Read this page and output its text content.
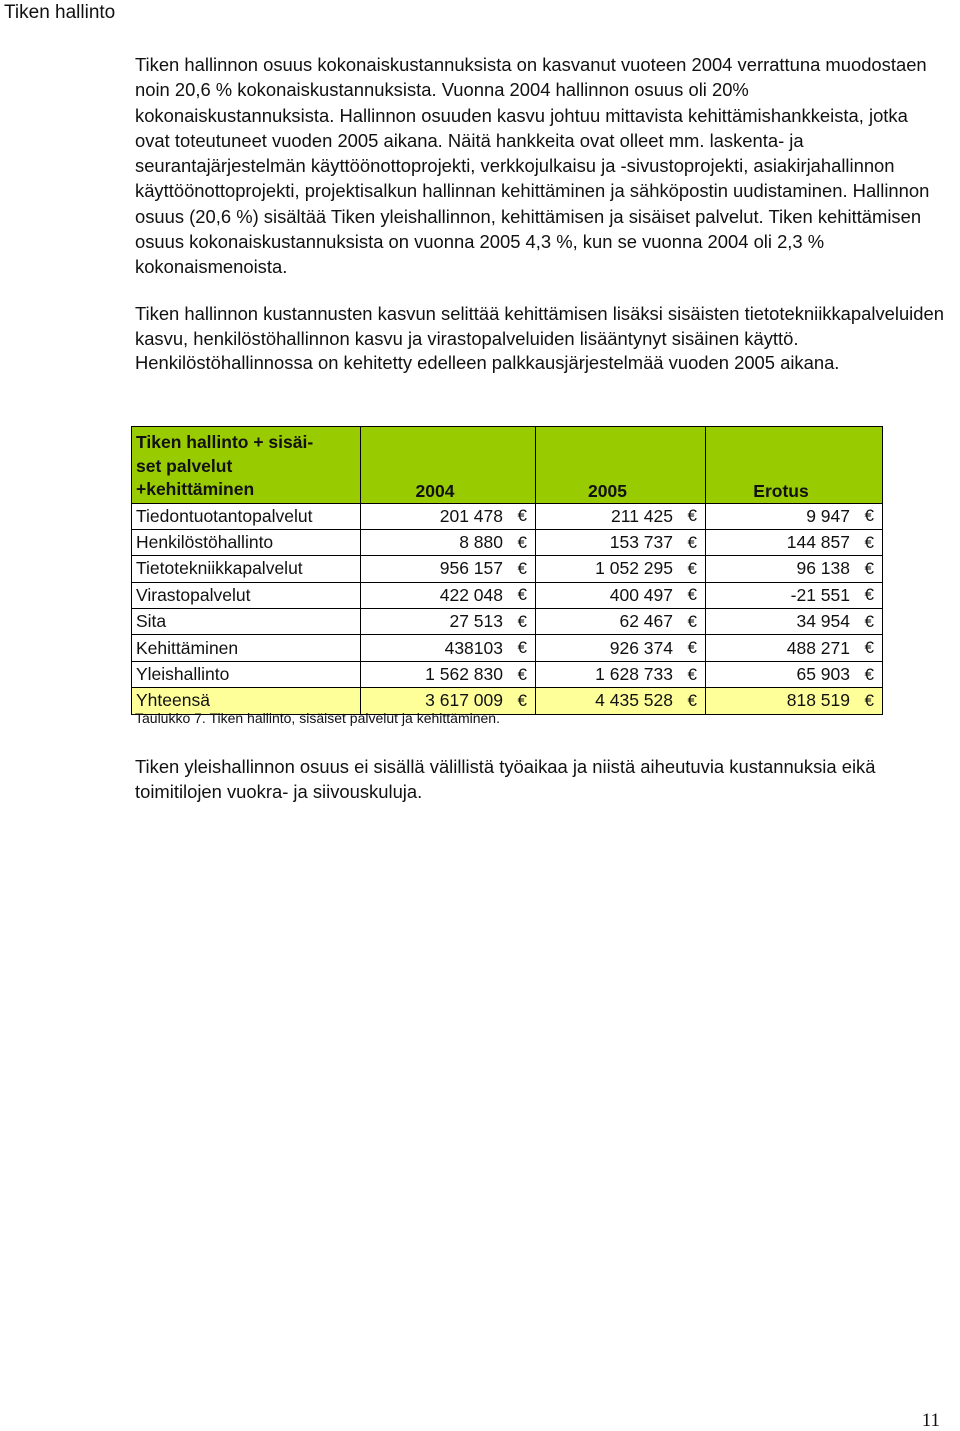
Tiken hallinto

Tiken hallinnon osuus kokonaiskustannuksista on kasvanut vuoteen 2004 verrattuna muodostaen noin 20,6 % kokonaiskustannuksista. Vuonna 2004 hallinnon osuus oli 20% kokonaiskustannuksista. Hallinnon osuuden kasvu johtuu mittavista kehittämishankkeista, jotka ovat toteutuneet vuoden 2005 aikana. Näitä hankkeita ovat olleet mm. laskenta- ja seurantajärjestelmän käyttöönottoprojekti, verkkojulkaisu ja -sivustoprojekti, asiakirjahallinnon käyttöönottoprojekti, projektisalkun hallinnan kehittäminen ja sähköpostin uudistaminen. Hallinnon osuus (20,6 %) sisältää Tiken yleishallinnon, kehittämisen ja sisäiset palvelut. Tiken kehittämisen osuus kokonaiskustannuksista on vuonna 2005 4,3 %, kun se vuonna 2004 oli 2,3 % kokonaismenoista.

Tiken hallinnon kustannusten kasvun selittää kehittämisen lisäksi sisäisten tietotekniikkapalveluiden kasvu, henkilöstöhallinnon kasvu ja virastopalveluiden lisääntynyt sisäinen käyttö. Henkilöstöhallinnossa on kehitetty edelleen palkkausjärjestelmää vuoden 2005 aikana.

Tiken hallinto + sisäi-
set palvelut
+kehittäminen	2004	2005	Erotus
Tiedontuotantopalvelut	201 478 €	211 425 €	9 947 €

Henkilöstöhallinto	8 880 €	153 737 €	144 857 €

Tietotekniikkapalvelut	956 157 €	1 052 295 €	96 138 €

Virastopalvelut	422 048 €	400 497 €	-21 551 €

Sita	27 513 €	62 467 €	34 954 €

Kehittäminen	438103 €	926 374 €	488 271 €

Yleishallinto	1 562 830 €	1 628 733 €	65 903 €

Yhteensä	3 617 009 €	4 435 528 €	818 519 €
Taulukko 7. Tiken hallinto, sisäiset palvelut ja kehittäminen.

Tiken yleishallinnon osuus ei sisällä välillistä työaikaa ja niistä aiheutuvia kustannuksia eikä toimitilojen vuokra- ja siivouskuluja.

11
